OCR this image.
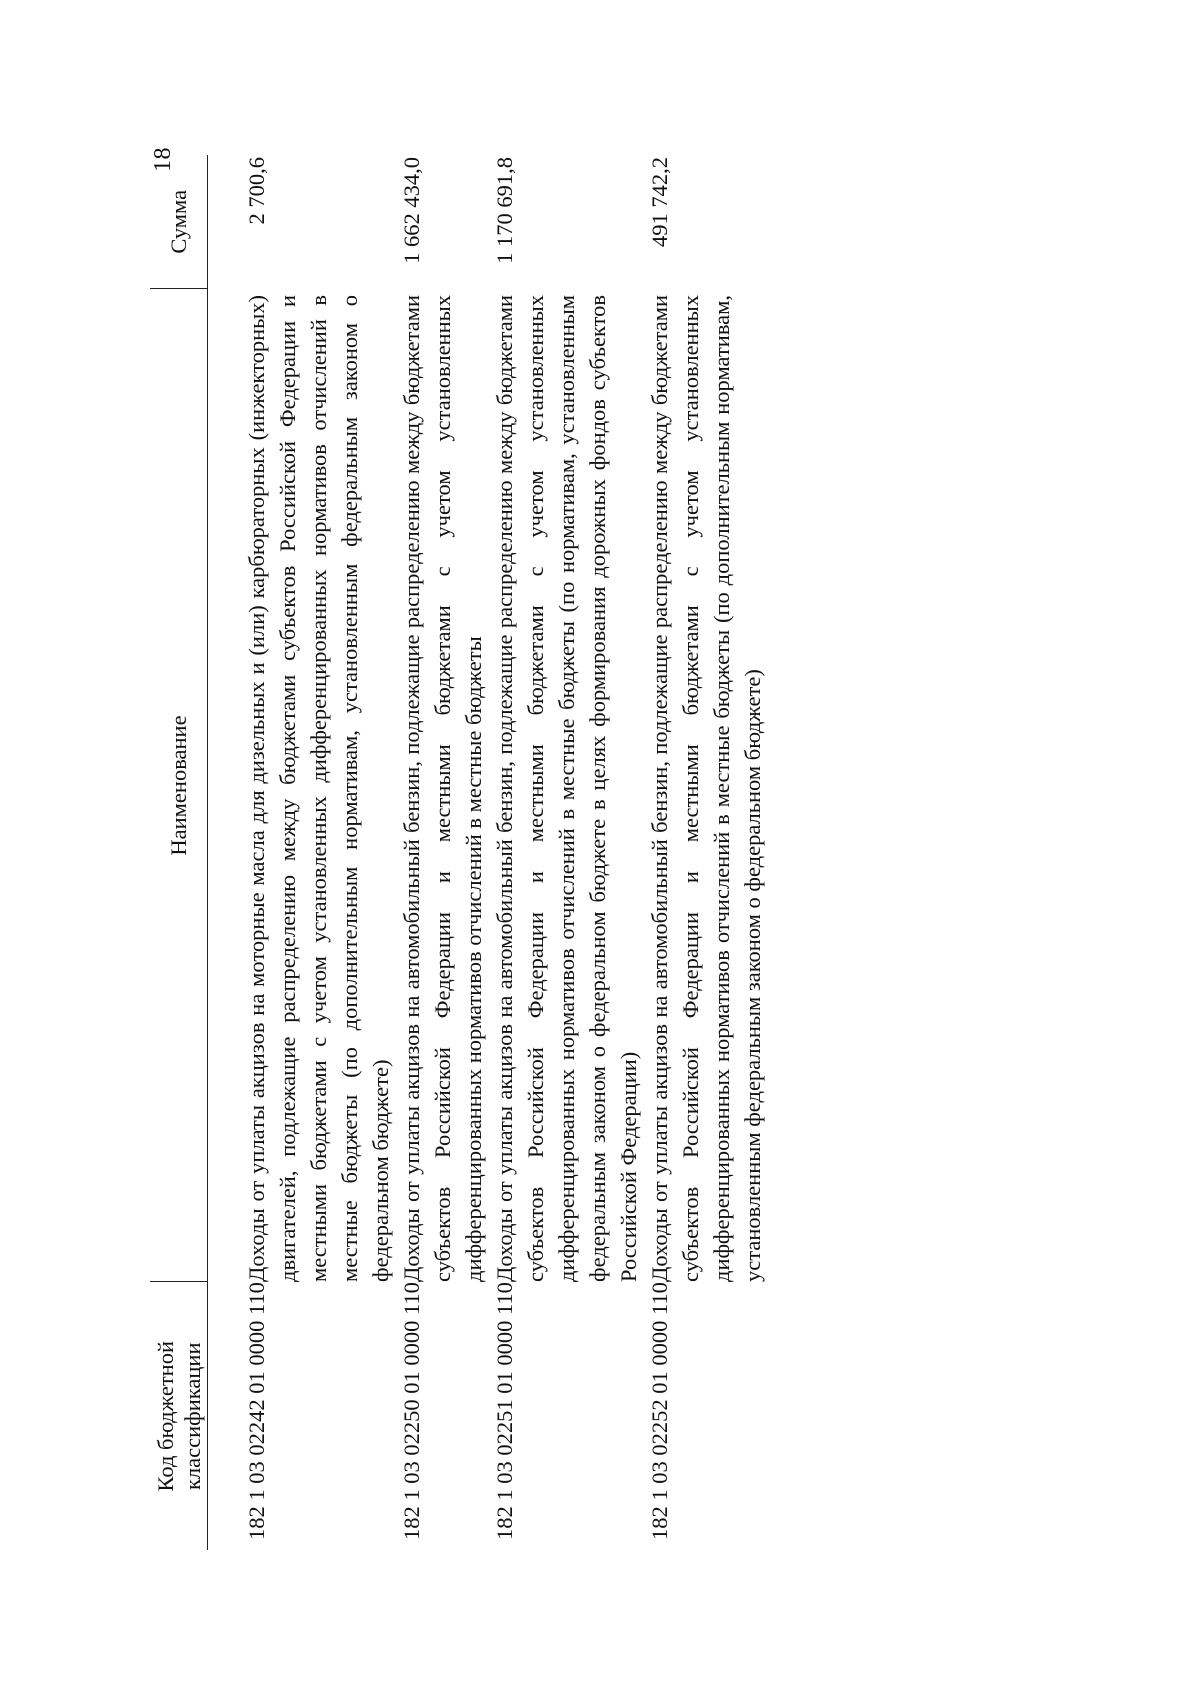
18
Код бюджетной классификации	Наименование	Сумма
182 1 03 02242 01 0000 110	Доходы от уплаты акцизов на моторные масла для дизельных и (или) карбюраторных (инжекторных) двигателей, подлежащие распределению между бюджетами субъектов Российской Федерации и местными бюджетами с учетом установленных дифференцированных нормативов отчислений в местные бюджеты (по дополнительным нормативам, установленным федеральным законом о федеральном бюджете)	2 700,6
182 1 03 02250 01 0000 110	Доходы от уплаты акцизов на автомобильный бензин, подлежащие распределению между бюджетами субъектов Российской Федерации и местными бюджетами с учетом установленных дифференцированных нормативов отчислений в местные бюджеты	1 662 434,0
182 1 03 02251 01 0000 110	Доходы от уплаты акцизов на автомобильный бензин, подлежащие распределению между бюджетами субъектов Российской Федерации и местными бюджетами с учетом установленных дифференцированных нормативов отчислений в местные бюджеты (по нормативам, установленным федеральным законом о федеральном бюджете в целях формирования дорожных фондов субъектов Российской Федерации)	1 170 691,8
182 1 03 02252 01 0000 110	Доходы от уплаты акцизов на автомобильный бензин, подлежащие распределению между бюджетами субъектов Российской Федерации и местными бюджетами с учетом установленных дифференцированных нормативов отчислений в местные бюджеты (по дополнительным нормативам, установленным федеральным законом о федеральном бюджете)	491 742,2
